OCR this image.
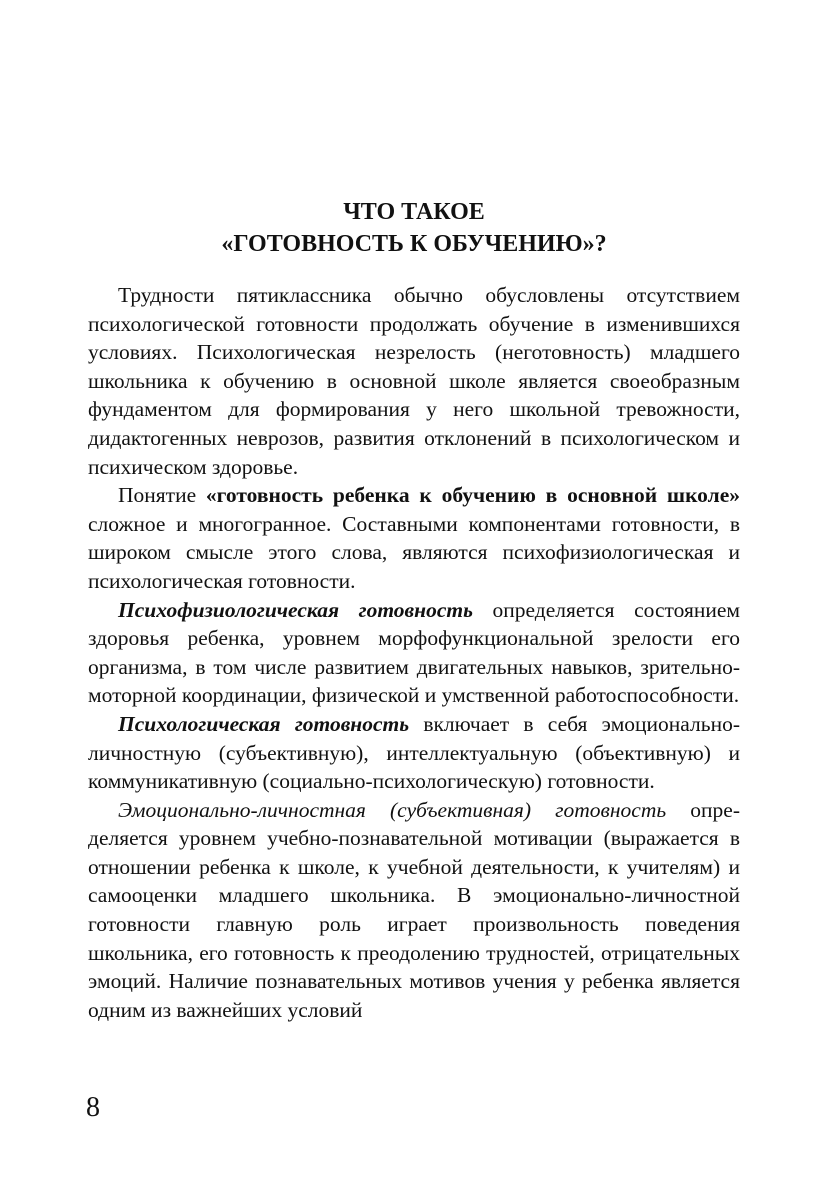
ЧТО ТАКОЕ
«ГОТОВНОСТЬ К ОБУЧЕНИЮ»?

Трудности пятиклассника обычно обусловлены отсутствием психологической готовности продолжать обучение в изменившихся условиях. Психологическая незрелость (неготовность) младшего школьника к обучению в основной школе является своеобразным фундаментом для формирования у него школьной тревожности, дидактогенных неврозов, развития отклонений в психологическом и психическом здоровье.

Понятие «готовность ребенка к обучению в основной школе» сложное и многогранное. Составными компонентами готовности, в широком смысле этого слова, являются психофизиологическая и психологическая готовности.

Психофизиологическая готовность определяется состоянием здоровья ребенка, уровнем морфофункциональной зрелости его организма, в том числе развитием двигательных навыков, зрительно-моторной координации, физической и умственной работоспособности.

Психологическая готовность включает в себя эмоционально-личностную (субъективную), интеллектуальную (объективную) и коммуникативную (социально-психологическую) готовности.

Эмоционально-личностная (субъективная) готовность определяется уровнем учебно-познавательной мотивации (выражается в отношении ребенка к школе, к учебной деятельности, к учителям) и самооценки младшего школьника. В эмоционально-личностной готовности главную роль играет произвольность поведения школьника, его готовность к преодолению трудностей, отрицательных эмоций. Наличие познавательных мотивов учения у ребенка является одним из важнейших условий

8
